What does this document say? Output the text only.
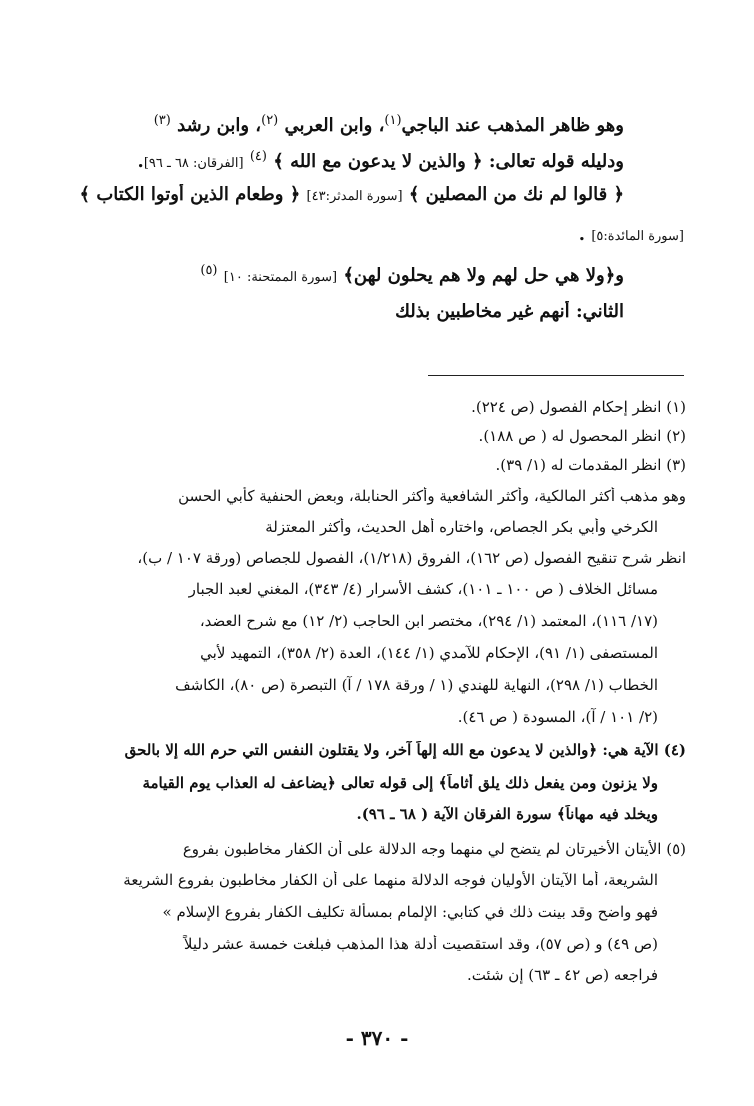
وهو ظاهر المذهب عند الباجي$^{(١)}$، وابن العربي $^{(٢)}$، وابن رشد $^{(٣)}$
ودليله قوله تعالى: ﴿ والذين لا يدعون مع الله ﴾ $^{(٤)}$ [الفرقان: ٦٨ ـ ٩٦].
﴿ قالوا لم نك من المصلين ﴾ [سورة المدثر:٤٣] ﴿ وطعام الذين أوتوا الكتاب ﴾
[سورة المائدة:٥] .
و﴿ولا هي حل لهم ولا هم يحلون لهن﴾ [سورة الممتحنة: ١٠] $^{(٥)}$
الثاني: أنهم غير مخاطبين بذلك
(١) انظر إحكام الفصول (ص ٢٢٤).
(٢) انظر المحصول له ( ص ١٨٨).
(٣) انظر المقدمات له (١/ ٣٩).
وهو مذهب أكثر المالكية، وأكثر الشافعية وأكثر الحنابلة، وبعض الحنفية كأبي الحسن
الكرخي وأبي بكر الجصاص، واختاره أهل الحديث، وأكثر المعتزلة
انظر شرح تنقيح الفصول (ص ١٦٢)، الفروق (١/٢١٨)، الفصول للجصاص (ورقة ١٠٧ / ب)،
مسائل الخلاف ( ص ١٠٠ ـ ١٠١)، كشف الأسرار (٤/ ٣٤٣)، المغني لعبد الجبار
(١٧/ ١١٦)، المعتمد (١/ ٢٩٤)، مختصر ابن الحاجب (٢/ ١٢) مع شرح العضد،
المستصفى (١/ ٩١)، الإحكام للآمدي (١/ ١٤٤)، العدة (٢/ ٣٥٨)، التمهيد لأبي
الخطاب (١/ ٢٩٨)، النهاية للهندي (١ / ورقة ١٧٨ / آ) التبصرة (ص ٨٠)، الكاشف
(٢/ ١٠١ / آ)، المسودة ( ص ٤٦).
(٤) الآية هي: ﴿والذين لا يدعون مع الله إلهاً آخر، ولا يقتلون النفس التي حرم الله إلا بالحق
ولا يزنون ومن يفعل ذلك يلق أثاماً﴾ إلى قوله تعالى ﴿يضاعف له العذاب يوم القيامة
ويخلد فيه مهاناً﴾ سورة الفرقان الآية ( ٦٨ ـ ٩٦).
(٥) الأيتان الأخيرتان لم يتضح لي منهما وجه الدلالة على أن الكفار مخاطبون بفروع
الشريعة، أما الآيتان الأوليان فوجه الدلالة منهما على أن الكفار مخاطبون بفروع الشريعة
فهو واضح وقد بينت ذلك في كتابي: الإلمام بمسألة تكليف الكفار بفروع الإسلام »
(ص ٤٩) و (ص ٥٧)، وقد استقصيت أدلة هذا المذهب فبلغت خمسة عشر دليلاً
فراجعه (ص ٤٢ ـ ٦٣) إن شئت.
- ٣٧٠ -
